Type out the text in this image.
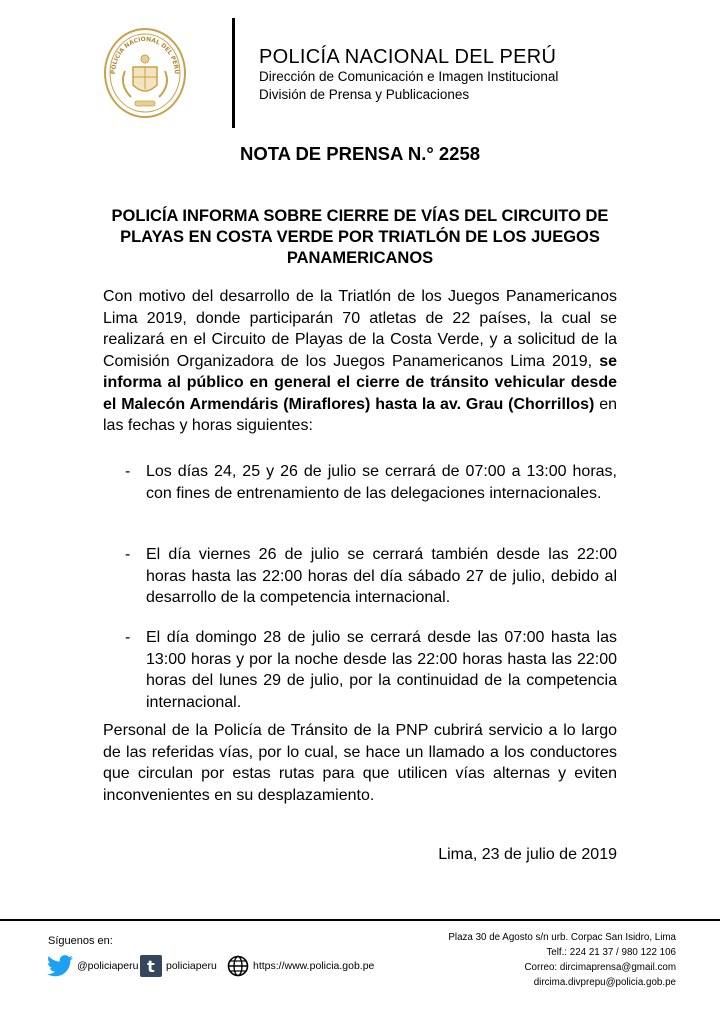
POLICÍA NACIONAL DEL PERÚ
POLICÍA NACIONAL DEL PERÚ
Dirección de Comunicación e Imagen Institucional
División de Prensa y Publicaciones
NOTA DE PRENSA N.° 2258
POLICÍA INFORMA SOBRE CIERRE DE VÍAS DEL CIRCUITO DE PLAYAS EN COSTA VERDE POR TRIATLÓN DE LOS JUEGOS PANAMERICANOS
Con motivo del desarrollo de la Triatlón de los Juegos Panamericanos Lima 2019, donde participarán 70 atletas de 22 países, la cual se realizará en el Circuito de Playas de la Costa Verde, y a solicitud de la Comisión Organizadora de los Juegos Panamericanos Lima 2019, se informa al público en general el cierre de tránsito vehicular desde el Malecón Armendáris (Miraflores) hasta la av. Grau (Chorrillos) en las fechas y horas siguientes:
- Los días 24, 25 y 26 de julio se cerrará de 07:00 a 13:00 horas, con fines de entrenamiento de las delegaciones internacionales.
- El día viernes 26 de julio se cerrará también desde las 22:00 horas hasta las 22:00 horas del día sábado 27 de julio, debido al desarrollo de la competencia internacional.
- El día domingo 28 de julio se cerrará desde las 07:00 hasta las 13:00 horas y por la noche desde las 22:00 horas hasta las 22:00 horas del lunes 29 de julio, por la continuidad de la competencia internacional.
Personal de la Policía de Tránsito de la PNP cubrirá servicio a lo largo de las referidas vías, por lo cual, se hace un llamado a los conductores que circulan por estas rutas para que utilicen vías alternas y eviten inconvenientes en su desplazamiento.
Lima, 23 de julio de 2019
Síguenos en:
@policiaperu t policiaperu	https://www.policia.gob.pe
Plaza 30 de Agosto s/n urb. Corpac San Isidro, Lima
Telf.: 224 21 37 / 980 122 106
Correo: dircimaprensa@gmail.com
dircima.divprepu@policia.gob.pe
